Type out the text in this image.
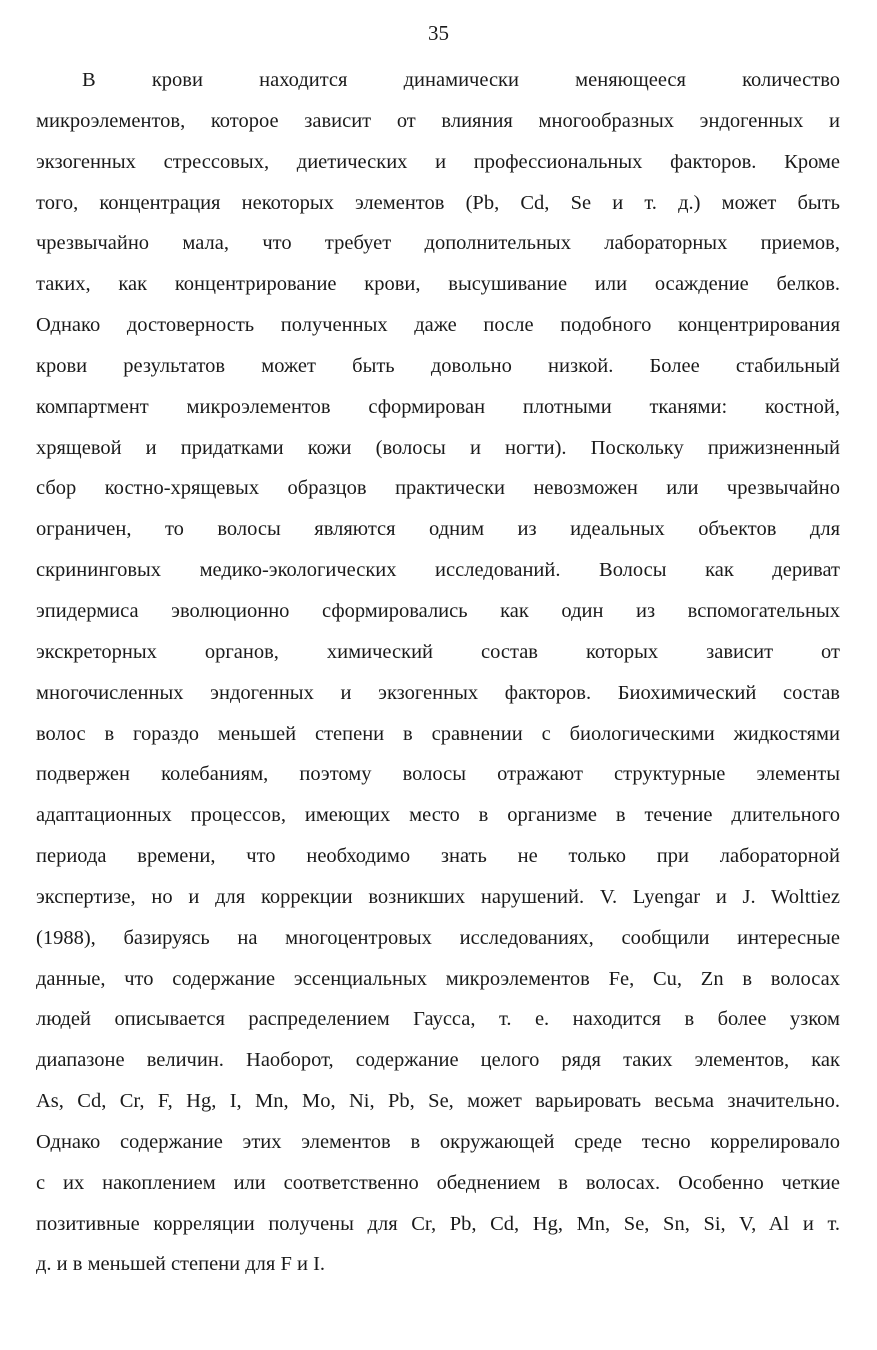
35
В крови находится динамически меняющееся количество
микроэлементов, которое зависит от влияния многообразных эндогенных и
экзогенных стрессовых, диетических и профессиональных факторов. Кроме
того, концентрация некоторых элементов (Pb, Cd, Se и т. д.) может быть
чрезвычайно мала, что требует дополнительных лабораторных приемов,
таких, как концентрирование крови, высушивание или осаждение белков.
Однако достоверность полученных даже после подобного концентрирования
крови результатов может быть довольно низкой. Более стабильный
компартмент микроэлементов сформирован плотными тканями: костной,
хрящевой и придатками кожи (волосы и ногти). Поскольку прижизненный
сбор костно-хрящевых образцов практически невозможен или чрезвычайно
ограничен, то волосы являются одним из идеальных объектов для
скрининговых медико-экологических исследований. Волосы как дериват
эпидермиса эволюционно сформировались как один из вспомогательных
экскреторных органов, химический состав которых зависит от
многочисленных эндогенных и экзогенных факторов. Биохимический состав
волос в гораздо меньшей степени в сравнении с биологическими жидкостями
подвержен колебаниям, поэтому волосы отражают структурные элементы
адаптационных процессов, имеющих место в организме в течение длительного
периода времени, что необходимо знать не только при лабораторной
экспертизе, но и для коррекции возникших нарушений. V. Lyengar и J. Wolttiez
(1988), базируясь на многоцентровых исследованиях, сообщили интересные
данные, что содержание эссенциальных микроэлементов Fe, Cu, Zn в волосах
людей описывается распределением Гаусса, т. е. находится в более узком
диапазоне величин. Наоборот, содержание целого рядя таких элементов, как
As, Cd, Cr, F, Hg, I, Mn, Mo, Ni, Pb, Se, может варьировать весьма значительно.
Однако содержание этих элементов в окружающей среде тесно коррелировало
с их накоплением или соответственно обеднением в волосах. Особенно четкие
позитивные корреляции получены для Cr, Pb, Cd, Hg, Mn, Se, Sn, Si, V, Al и т.
д. и в меньшей степени для F и I.
